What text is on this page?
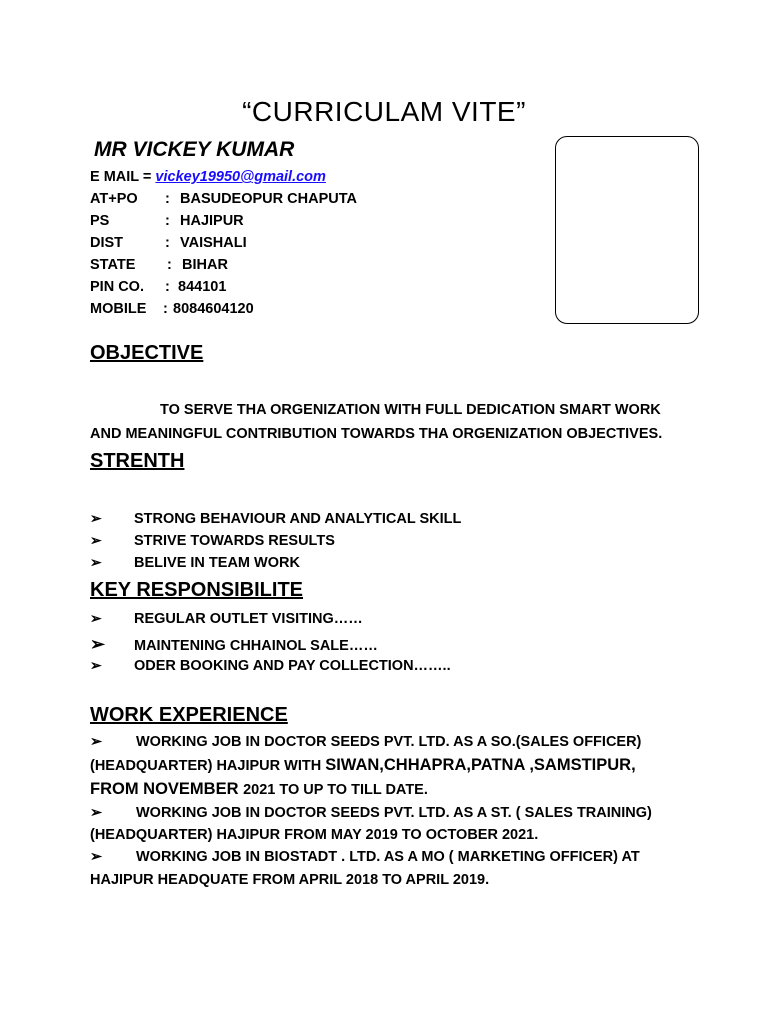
“CURRICULAM VITE”
MR VICKEY KUMAR
E MAIL = vickey19950@gmail.com
AT+PO : BASUDEOPUR CHAPUTA
PS	: HAJIPUR
DIST	: VAISHALI
STATE : BIHAR
PIN CO. : 844101
MOBILE : 8084604120
OBJECTIVE
TO SERVE THA ORGENIZATION WITH FULL DEDICATION SMART WORK
AND MEANINGFUL CONTRIBUTION TOWARDS THA ORGENIZATION OBJECTIVES.
STRENTH
➢ STRONG BEHAVIOUR AND ANALYTICAL SKILL
➢ STRIVE TOWARDS RESULTS
➢ BELIVE IN TEAM WORK
KEY RESPONSIBILITE
➢ REGULAR OUTLET VISITING……
➢ MAINTENING CHHAINOL SALE……
➢ ODER BOOKING AND PAY COLLECTION……..
WORK EXPERIENCE
➢ WORKING JOB IN DOCTOR SEEDS PVT. LTD. AS A SO.(SALES OFFICER)
(HEADQUARTER) HAJIPUR WITH SIWAN,CHHAPRA,PATNA ,SAMSTIPUR,
FROM NOVEMBER 2021 TO UP TO TILL DATE.
➢ WORKING JOB IN DOCTOR SEEDS PVT. LTD. AS A ST. ( SALES TRAINING)
(HEADQUARTER) HAJIPUR FROM MAY 2019 TO OCTOBER 2021.
➢ WORKING JOB IN BIOSTADT . LTD. AS A MO ( MARKETING OFFICER) AT
HAJIPUR HEADQUATE FROM APRIL 2018 TO APRIL 2019.
